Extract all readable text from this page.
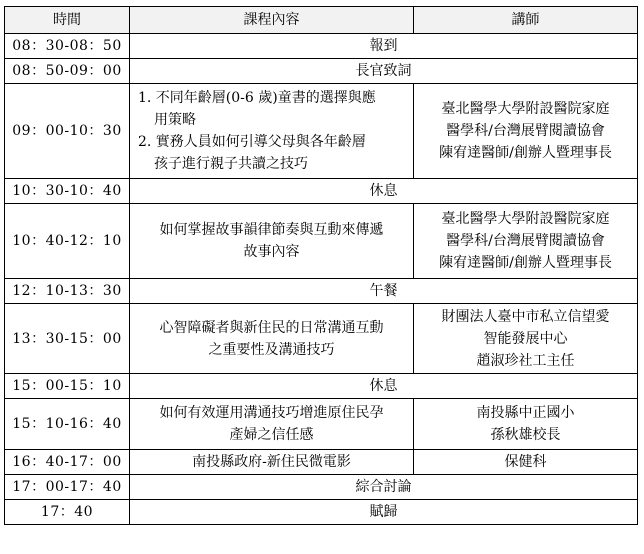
時間	課程內容	講師
08：30-08：50	報到	
08：50-09：00	長官致詞	
09：00-10：30	1. 不同年齡層(0-6 歲)童書的選擇與應
用策略
2. 實務人員如何引導父母與各年齡層
孩子進行親子共讀之技巧	臺北醫學大學附設醫院家庭
醫學科/台灣展臂閱讀協會
陳宥達醫師/創辦人暨理事長

10：30-10：40	休息	
10：40-12：10	如何掌握故事韻律節奏與互動來傳遞
故事內容	臺北醫學大學附設醫院家庭
醫學科/台灣展臂閱讀協會
陳宥達醫師/創辦人暨理事長

12：10-13：30	午餐	
13：30-15：00	心智障礙者與新住民的日常溝通互動
之重要性及溝通技巧	財團法人臺中市私立信望愛
智能發展中心
趙淑珍社工主任

15：00-15：10	休息	
15：10-16：40	如何有效運用溝通技巧增進原住民孕
產婦之信任感	南投縣中正國小
孫秋雄校長

16：40-17：00	南投縣政府-新住民微電影	保健科
17：00-17：40	綜合討論	
17：40	賦歸	
